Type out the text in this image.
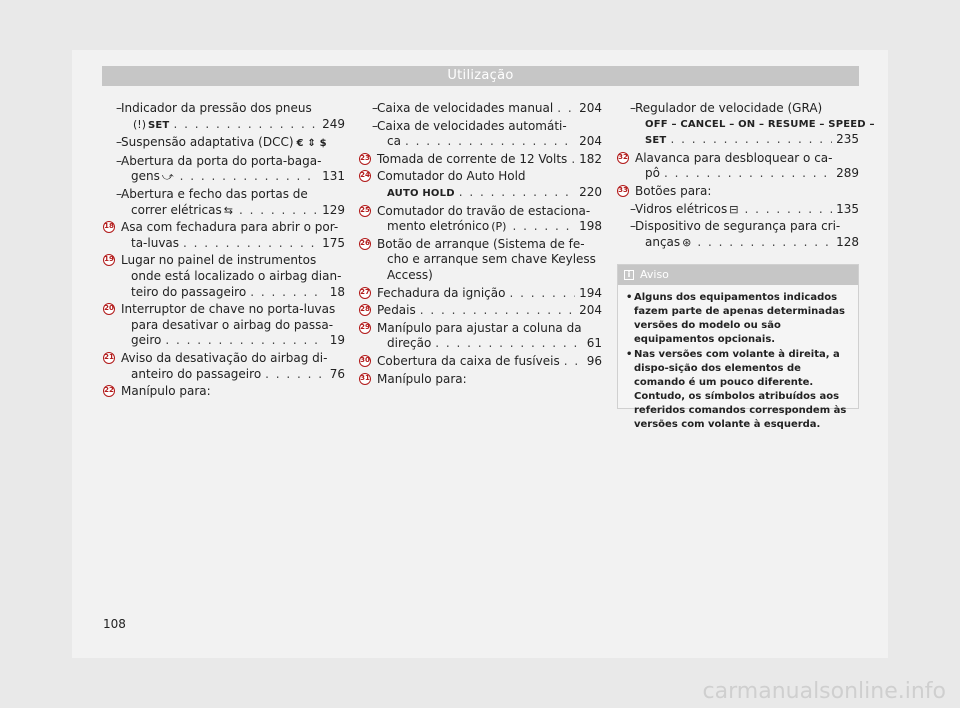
Utilização
– Indicador da pressão dos pneus
(!) SET . . .	249
– Suspensão adaptativa (DCC) € ⇕ $
– Abertura da porta do porta-baga-
gens ⤻ . . .	131
– Abertura e fecho das portas de
correr elétricas ⇆ . . .	129
18 Asa com fechadura para abrir o por-
ta-luvas . . .	175
19 Lugar no painel de instrumentos
onde está localizado o airbag dian-
teiro do passageiro . . .	18
20 Interruptor de chave no porta-luvas
para desativar o airbag do passa-
geiro . . .	19
21 Aviso da desativação do airbag di-
anteiro do passageiro . . .	76
22 Manípulo para:
– Caixa de velocidades manual . . . 204
– Caixa de velocidades automáti-
ca . . .	204
23 Tomada de corrente de 12 Volts . . . 182
24 Comutador do Auto Hold
AUTO HOLD . . .	220
25 Comutador do travão de estaciona-
mento eletrónico (P) . . .	198
26 Botão de arranque (Sistema de fe-
cho e arranque sem chave Keyless
Access)
27 Fechadura da ignição . . .	194
28 Pedais . . .	204
29 Manípulo para ajustar a coluna da
direção . . .	61
30 Cobertura da caixa de fusíveis . . .	96
31 Manípulo para:
– Regulador de velocidade (GRA)
OFF – CANCEL – ON – RESUME – SPEED –
SET . . .	235
32 Alavanca para desbloquear o ca-
pô . . .	289
33 Botões para:
– Vidros elétricos ⊟ . . .	135
– Dispositivo de segurança para cri-
anças ⊛ . . .	128
i Aviso
• Alguns dos equipamentos indicados fazem parte de apenas determinadas versões do modelo ou são equipamentos opcionais.
• Nas versões com volante à direita, a dispo-sição dos elementos de comando é um pouco diferente. Contudo, os símbolos atribuídos aos referidos comandos correspondem às versões com volante à esquerda.
108
carmanualsonline.info
